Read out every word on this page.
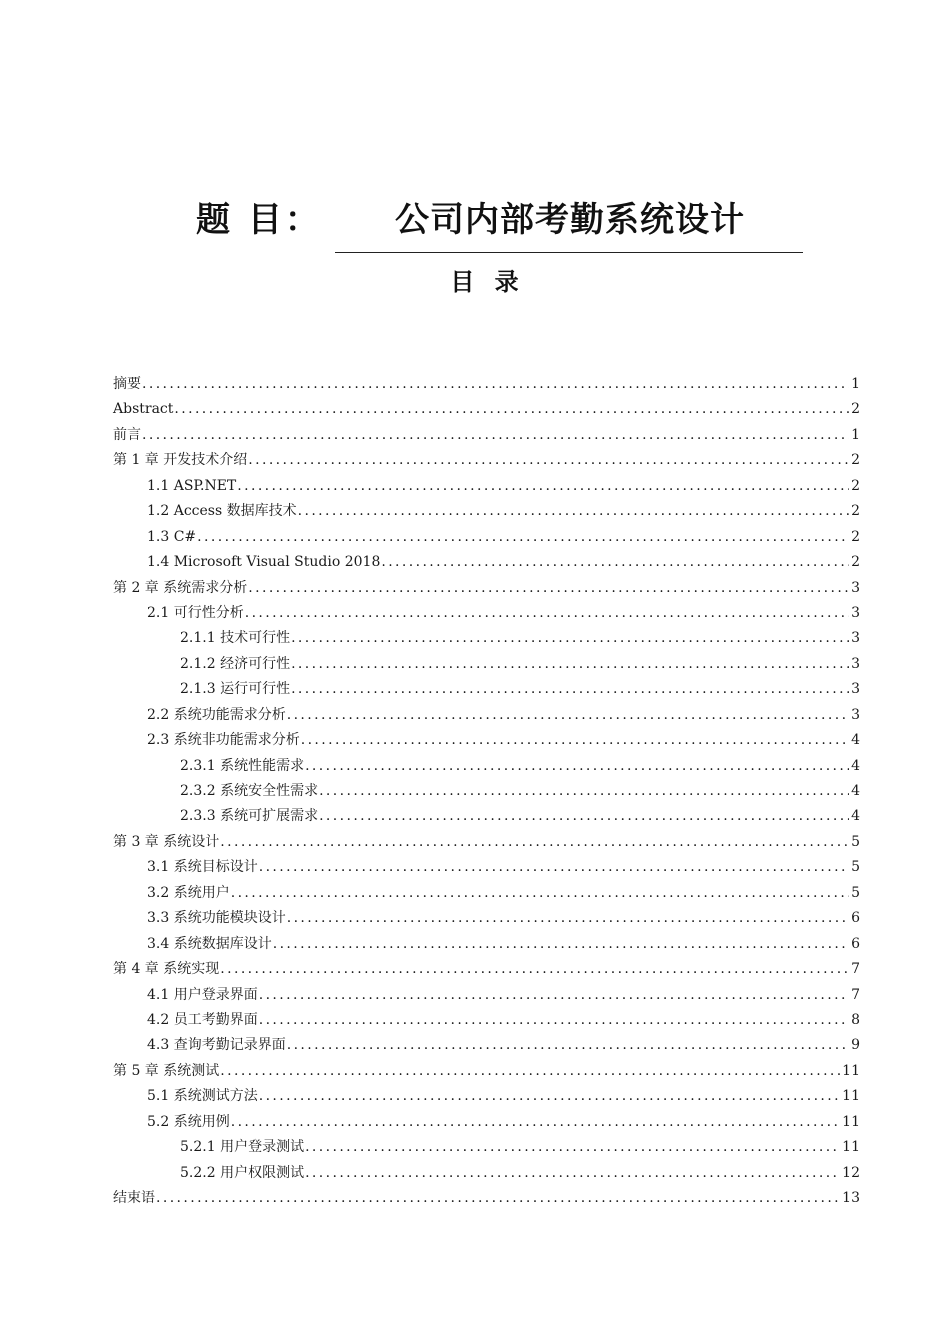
题 目： 公司内部考勤系统设计
目 录
摘要 .....	1
Abstract .....	2
前言 .....	1
第 1 章 开发技术介绍 .....	2
1.1 ASP.NET .....	2
1.2 Access 数据库技术 .....	2
1.3 C# .....	2
1.4 Microsoft Visual Studio 2018 .....	2
第 2 章 系统需求分析 .....	3
2.1 可行性分析 .....	3
2.1.1 技术可行性 .....	3
2.1.2 经济可行性 .....	3
2.1.3 运行可行性 .....	3
2.2 系统功能需求分析 .....	3
2.3 系统非功能需求分析 .....	4
2.3.1 系统性能需求 .....	4
2.3.2 系统安全性需求 .....	4
2.3.3 系统可扩展需求 .....	4
第 3 章 系统设计 .....	5
3.1 系统目标设计 .....	5
3.2 系统用户 .....	5
3.3 系统功能模块设计 .....	6
3.4 系统数据库设计 .....	6
第 4 章 系统实现 .....	7
4.1 用户登录界面 .....	7
4.2 员工考勤界面 .....	8
4.3 查询考勤记录界面 .....	9
第 5 章 系统测试 .....	11
5.1 系统测试方法 .....	11
5.2 系统用例 .....	11
5.2.1 用户登录测试 .....	11
5.2.2 用户权限测试 .....	12
结束语 .....	13
